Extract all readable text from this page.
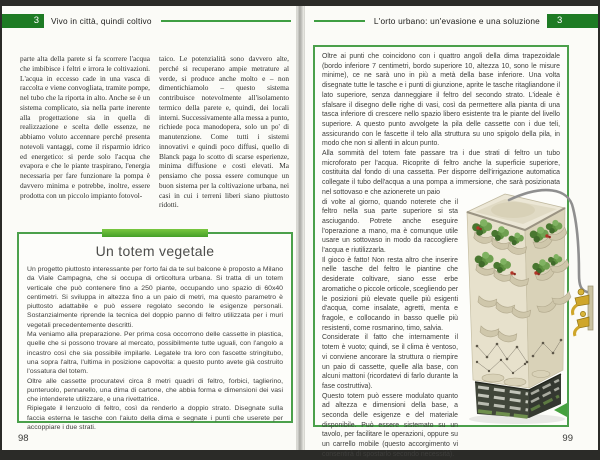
3 Vivo in città, quindi coltivo

parte alta della parete si fa scorrere l'acqua che imbibisce i feltri e irrora le coltivazioni. L'acqua in eccesso cade in una vasca di raccolta e viene convogliata, tramite pompe, nel tubo che la riporta in alto. Anche se è un sistema complicato, sia nella parte inerente alla progettazione sia in quella di realizzazione e scelta delle essenze, ne abbiamo voluto accennare perché presenta notevoli vantaggi, come il risparmio idrico ed energetico: si perde solo l'acqua che evapora e che le piante traspirano, l'energia necessaria per fare funzionare la pompa è davvero minima e potrebbe, inoltre, essere prodotta con un piccolo impianto fotovol-

taico. Le potenzialità sono davvero alte, perché si recuperano ampie metrature al verde, si produce anche molto e – non dimentichiamolo – questo sistema contribuisce notevolmente all'isolamento termico della parete e, quindi, dei locali interni. Successivamente alla messa a punto, richiede poca manodopera, solo un po' di manutenzione. Come tutti i sistemi innovativi e quindi poco diffusi, quello di Blanck paga lo scotto di scarse esperienze, minima diffusione e costi elevati. Ma pensiamo che possa essere comunque un buon sistema per la coltivazione urbana, nei casi in cui i terreni liberi siano piuttosto ridotti.

Un totem vegetale

Un progetto piuttosto interessante per l'orto fai da te sul balcone è proposto a Milano da Viale Campagna, che si occupa di orticoltura urbana. Si tratta di un totem verticale che può contenere fino a 250 piante, occupando uno spazio di 60x40 centimetri. Si sviluppa in altezza fino a un paio di metri, ma questo parametro è piuttosto adattabile e può essere regolato secondo le esigenze personali. Sostanzialmente riprende la tecnica del doppio panno di feltro utilizzata per i muri vegetali precedentemente descritti.

Ma veniamo alla preparazione. Per prima cosa occorrono delle cassette in plastica, quelle che si possono trovare al mercato, possibilmente tutte uguali, con l'angolo a incastro così che sia possibile impilarle. Legatele tra loro con fascette stringitubo, una sopra l'altra, l'ultima in posizione capovolta: a questo punto avete già costruito l'ossatura del totem.

Oltre alle cassette procuratevi circa 8 metri quadri di feltro, forbici, taglierino, punteruolo, pennarello, una dima di cartone, che abbia forma e dimensioni dei vasi che intenderete utilizzare, e una rivettatrice.

Ripiegate il lenzuolo di feltro, così da renderlo a doppio strato. Disegnate sulla faccia esterna le tasche con l'aiuto della dima e segnate i punti che userete per accoppiare i due strati.

98
L'orto urbano: un'evasione e una soluzione 3

Oltre ai punti che coincidono con i quattro angoli della dima trapezoidale (bordo inferiore 7 centimetri, bordo superiore 10, altezza 10, sono le misure minime), ce ne sarà uno in più a metà della base inferiore. Una volta disegnate tutte le tasche e i punti di giunzione, aprite le tasche ritagliandone il lato superiore, senza danneggiare il feltro del secondo strato. L'ideale è sfalsare il disegno delle righe di vasi, così da permettere alla pianta di una tasca inferiore di crescere nello spazio libero esistente tra le piante del livello superiore. A questo punto avvolgete la pila delle cassette con i due teli, assicurando con le fascette il telo alla struttura su uno spigolo della pila, in modo che non si allenti in alcun punto.

Alla sommità del totem fate passare tra i due strati di feltro un tubo microforato per l'acqua. Ricoprite di feltro anche la superficie superiore, costituita dal fondo di una cassetta. Per disporre dell'irrigazione automatica collegate il tubo dell'acqua a una pompa a immersione, che sarà posizionata nel sottovaso e che azionerete un paio

di volte al giorno, quando noterete che il feltro nella sua parte superiore si sta asciugando. Potrete anche eseguire l'operazione a mano, ma è comunque utile usare un sottovaso in modo da raccogliere l'acqua e riutilizzarla.

Il gioco è fatto! Non resta altro che inserire nelle tasche del feltro le piantine che desiderate coltivare, siano esse erbe aromatiche o piccole orticole, scegliendo per le posizioni più elevate quelle più esigenti d'acqua, come insalate, agretti, menta e fragole, e collocando in basso quelle più resistenti, come rosmarino, timo, salvia.

Considerate il fatto che internamente il totem è vuoto; quindi, se il clima è ventoso, vi conviene ancorare la struttura o riempire un paio di cassette, quelle alla base, con alcuni mattoni (ricordatevi di farlo durante la fase costruttiva).

Questo totem può essere modulato quanto ad altezza e dimensioni della base, a seconda delle esigenze e del materiale disponibile. Può essere sistemato su un tavolo, per facilitare le operazioni, oppure su un carrello mobile (questo accorgimento vi consentirà di spostarlo secondo necessità).

99
